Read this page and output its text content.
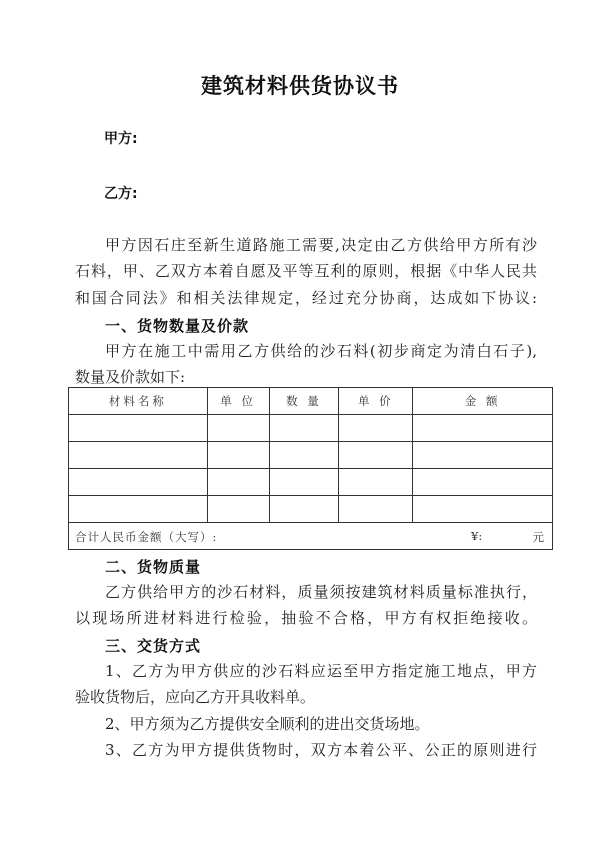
建筑材料供货协议书
甲方:
乙方:
甲方因石庄至新生道路施工需要,决定由乙方供给甲方所有沙
石料，甲、乙双方本着自愿及平等互利的原则，根据《中华人民共
和国合同法》和相关法律规定，经过充分协商，达成如下协议:
一、货物数量及价款
甲方在施工中需用乙方供给的沙石料(初步商定为清白石子),
数量及价款如下:
材料名称	单 位	数 量	单 价	金 额

合计人民币金额（大写）: ¥: 元				
二、货物质量
乙方供给甲方的沙石材料，质量须按建筑材料质量标准执行，
以现场所进材料进行检验，抽验不合格，甲方有权拒绝接收。
三、交货方式
1、乙方为甲方供应的沙石料应运至甲方指定施工地点，甲方
验收货物后，应向乙方开具收料单。
2、甲方须为乙方提供安全顺利的进出交货场地。
3、乙方为甲方提供货物时，双方本着公平、公正的原则进行
